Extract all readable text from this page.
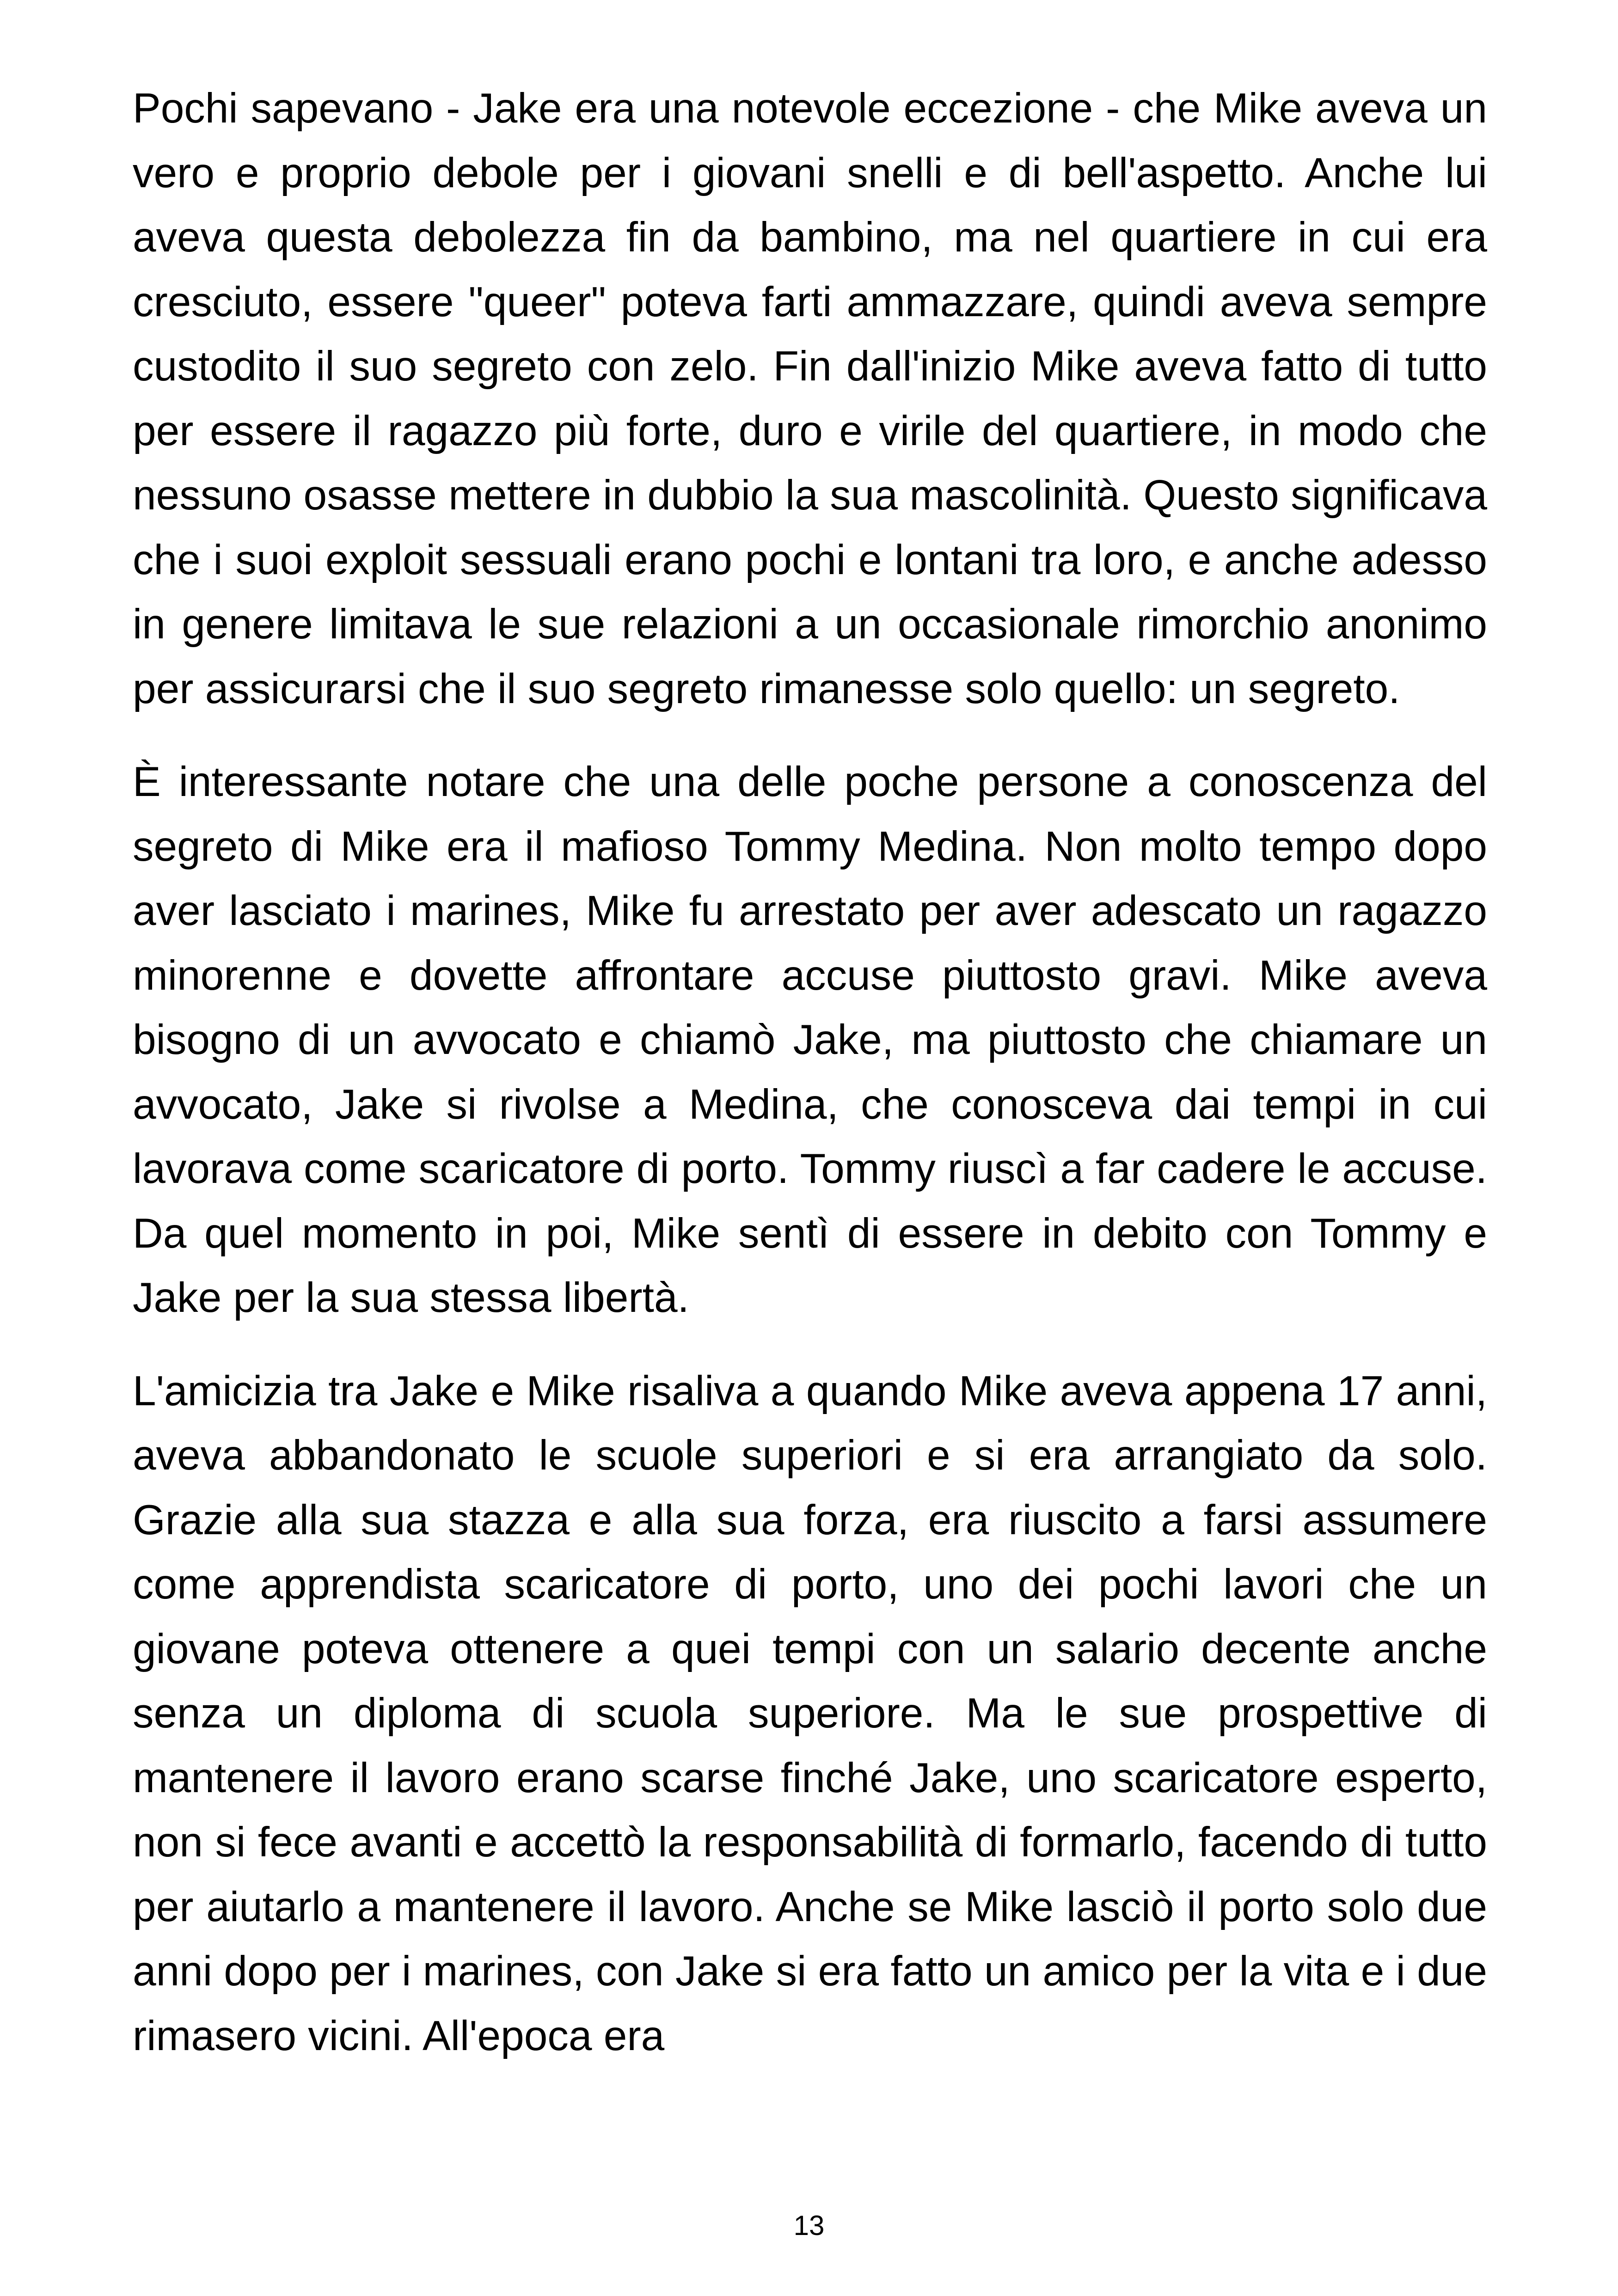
Pochi sapevano - Jake era una notevole eccezione - che Mike aveva un vero e proprio debole per i giovani snelli e di bell'aspetto. Anche lui aveva questa debolezza fin da bambino, ma nel quartiere in cui era cresciuto, essere "queer" poteva farti ammazzare, quindi aveva sempre custodito il suo segreto con zelo. Fin dall'inizio Mike aveva fatto di tutto per essere il ragazzo più forte, duro e virile del quartiere, in modo che nessuno osasse mettere in dubbio la sua mascolinità. Questo significava che i suoi exploit sessuali erano pochi e lontani tra loro, e anche adesso in genere limitava le sue relazioni a un occasionale rimorchio anonimo per assicurarsi che il suo segreto rimanesse solo quello: un segreto.

È interessante notare che una delle poche persone a conoscenza del segreto di Mike era il mafioso Tommy Medina. Non molto tempo dopo aver lasciato i marines, Mike fu arrestato per aver adescato un ragazzo minorenne e dovette affrontare accuse piuttosto gravi. Mike aveva bisogno di un avvocato e chiamò Jake, ma piuttosto che chiamare un avvocato, Jake si rivolse a Medina, che conosceva dai tempi in cui lavorava come scaricatore di porto. Tommy riuscì a far cadere le accuse. Da quel momento in poi, Mike sentì di essere in debito con Tommy e Jake per la sua stessa libertà.

L'amicizia tra Jake e Mike risaliva a quando Mike aveva appena 17 anni, aveva abbandonato le scuole superiori e si era arrangiato da solo. Grazie alla sua stazza e alla sua forza, era riuscito a farsi assumere come apprendista scaricatore di porto, uno dei pochi lavori che un giovane poteva ottenere a quei tempi con un salario decente anche senza un diploma di scuola superiore. Ma le sue prospettive di mantenere il lavoro erano scarse finché Jake, uno scaricatore esperto, non si fece avanti e accettò la responsabilità di formarlo, facendo di tutto per aiutarlo a mantenere il lavoro. Anche se Mike lasciò il porto solo due anni dopo per i marines, con Jake si era fatto un amico per la vita e i due rimasero vicini. All'epoca era

13
